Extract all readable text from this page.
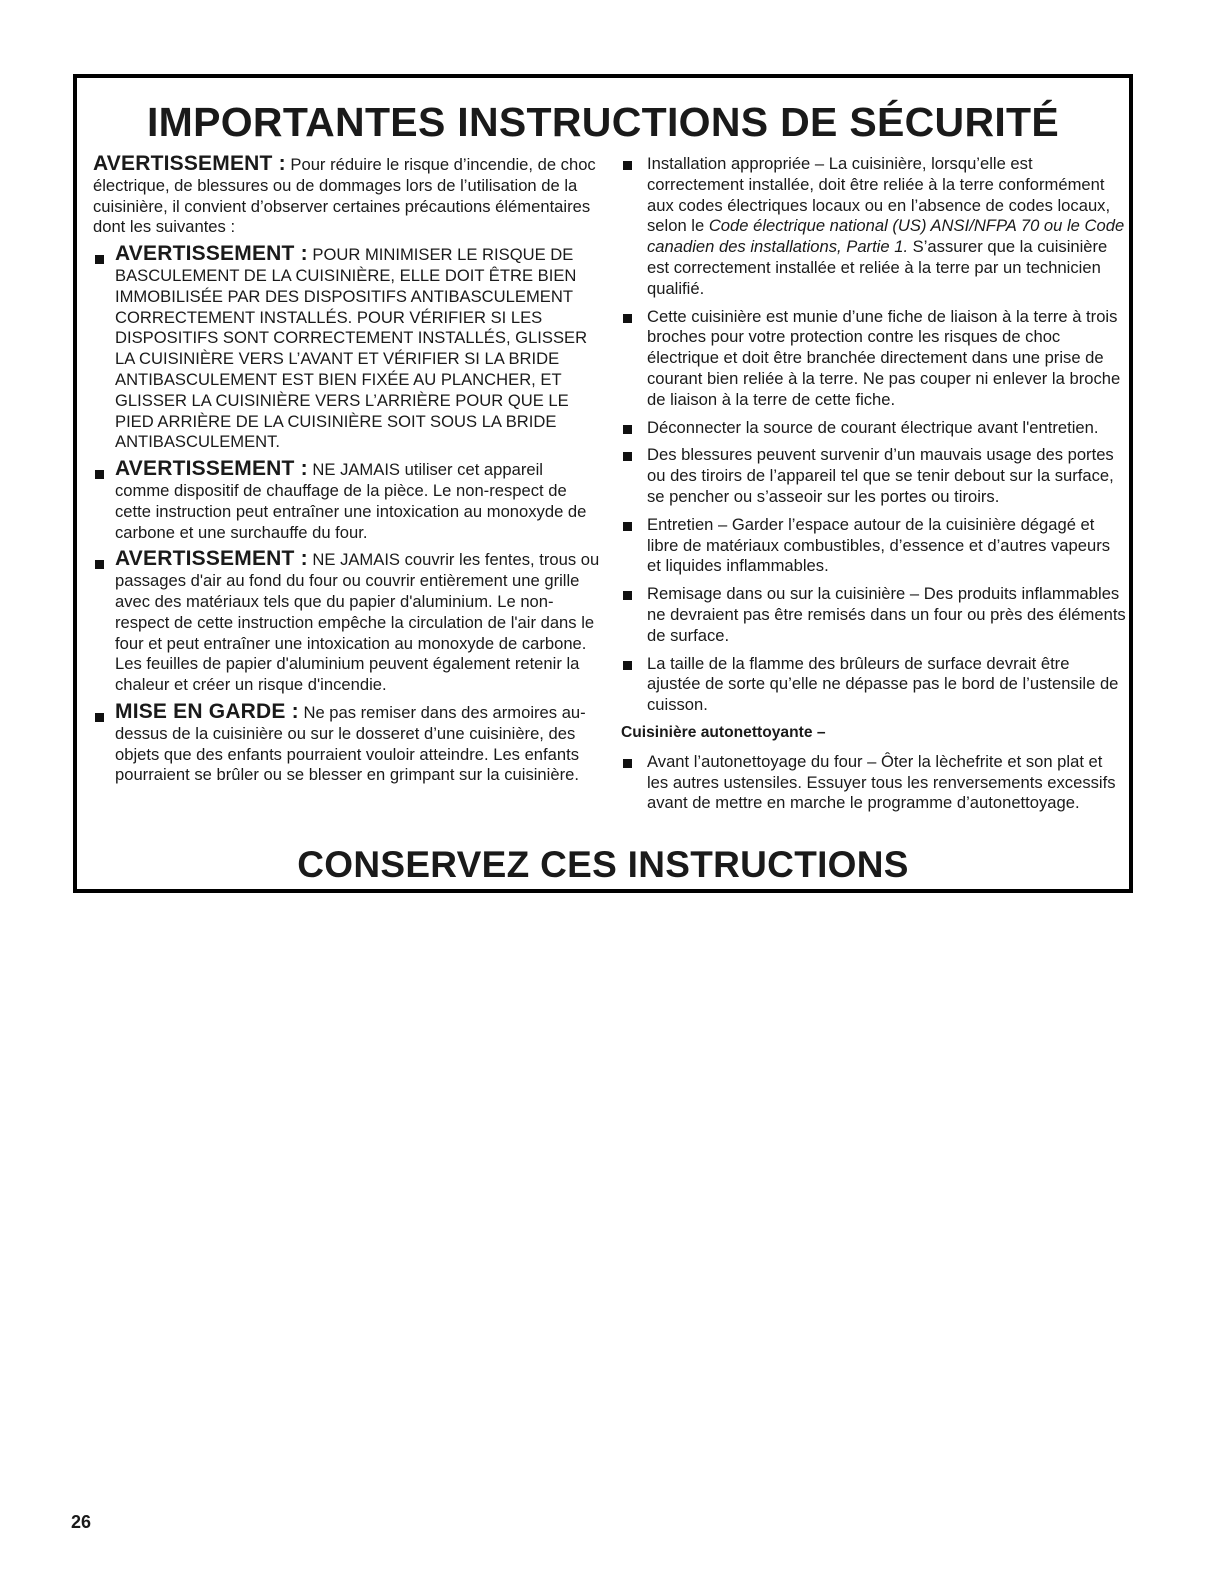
IMPORTANTES INSTRUCTIONS DE SÉCURITÉ

AVERTISSEMENT : Pour réduire le risque d’incendie, de choc électrique, de blessures ou de dommages lors de l’utilisation de la cuisinière, il convient d’observer certaines précautions élémentaires dont les suivantes :

AVERTISSEMENT : POUR MINIMISER LE RISQUE DE BASCULEMENT DE LA CUISINIÈRE, ELLE DOIT ÊTRE BIEN IMMOBILISÉE PAR DES DISPOSITIFS ANTIBASCULEMENT CORRECTEMENT INSTALLÉS. POUR VÉRIFIER SI LES DISPOSITIFS SONT CORRECTEMENT INSTALLÉS, GLISSER LA CUISINIÈRE VERS L’AVANT ET VÉRIFIER SI LA BRIDE ANTIBASCULEMENT EST BIEN FIXÉE AU PLANCHER, ET GLISSER LA CUISINIÈRE VERS L’ARRIÈRE POUR QUE LE PIED ARRIÈRE DE LA CUISINIÈRE SOIT SOUS LA BRIDE ANTIBASCULEMENT.
AVERTISSEMENT : NE JAMAIS utiliser cet appareil comme dispositif de chauffage de la pièce. Le non-respect de cette instruction peut entraîner une intoxication au monoxyde de carbone et une surchauffe du four.
AVERTISSEMENT : NE JAMAIS couvrir les fentes, trous ou passages d'air au fond du four ou couvrir entièrement une grille avec des matériaux tels que du papier d'aluminium. Le non-respect de cette instruction empêche la circulation de l'air dans le four et peut entraîner une intoxication au monoxyde de carbone. Les feuilles de papier d'aluminium peuvent également retenir la chaleur et créer un risque d'incendie.
MISE EN GARDE : Ne pas remiser dans des armoires au-dessus de la cuisinière ou sur le dosseret d’une cuisinière, des objets que des enfants pourraient vouloir atteindre. Les enfants pourraient se brûler ou se blesser en grimpant sur la cuisinière.
Installation appropriée – La cuisinière, lorsqu’elle est correctement installée, doit être reliée à la terre conformément aux codes électriques locaux ou en l’absence de codes locaux, selon le Code électrique national (US) ANSI/NFPA 70 ou le Code canadien des installations, Partie 1. S’assurer que la cuisinière est correctement installée et reliée à la terre par un technicien qualifié.
Cette cuisinière est munie d’une fiche de liaison à la terre à trois broches pour votre protection contre les risques de choc électrique et doit être branchée directement dans une prise de courant bien reliée à la terre. Ne pas couper ni enlever la broche de liaison à la terre de cette fiche.
Déconnecter la source de courant électrique avant l'entretien.
Des blessures peuvent survenir d’un mauvais usage des portes ou des tiroirs de l’appareil tel que se tenir debout sur la surface, se pencher ou s’asseoir sur les portes ou tiroirs.
Entretien – Garder l’espace autour de la cuisinière dégagé et libre de matériaux combustibles, d’essence et d’autres vapeurs et liquides inflammables.
Remisage dans ou sur la cuisinière – Des produits inflammables ne devraient pas être remisés dans un four ou près des éléments de surface.
La taille de la flamme des brûleurs de surface devrait être ajustée de sorte qu’elle ne dépasse pas le bord de l’ustensile de cuisson.
Cuisinière autonettoyante –
Avant l’autonettoyage du four – Ôter la lèchefrite et son plat et les autres ustensiles. Essuyer tous les renversements excessifs avant de mettre en marche le programme d’autonettoyage.
CONSERVEZ CES INSTRUCTIONS
26
